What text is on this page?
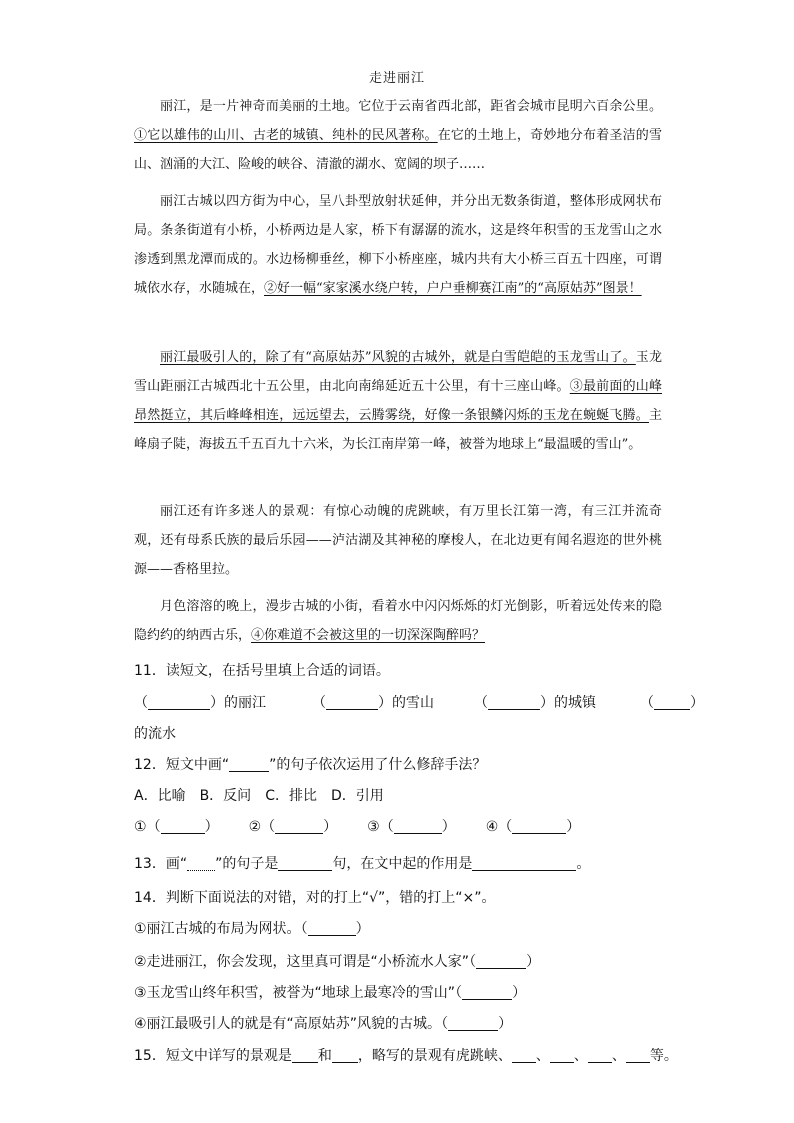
走进丽江

丽江，是一片神奇而美丽的土地。它位于云南省西北部，距省会城市昆明六百余公里。①它以雄伟的山川、古老的城镇、纯朴的民风著称。在它的土地上，奇妙地分布着圣洁的雪山、汹涌的大江、险峻的峡谷、清澈的湖水、宽阔的坝子……

丽江古城以四方街为中心，呈八卦型放射状延伸，并分出无数条街道，整体形成网状布局。条条街道有小桥，小桥两边是人家，桥下有潺潺的流水，这是终年积雪的玉龙雪山之水渗透到黑龙潭而成的。水边杨柳垂丝，柳下小桥座座，城内共有大小桥三百五十四座，可谓城依水存，水随城在，②好一幅“家家溪水绕户转，户户垂柳赛江南”的“高原姑苏”图景！

丽江最吸引人的，除了有“高原姑苏”风貌的古城外，就是白雪皑皑的玉龙雪山了。玉龙雪山距丽江古城西北十五公里，由北向南绵延近五十公里，有十三座山峰。③最前面的山峰昂然挺立，其后峰峰相连，远远望去，云腾雾绕，好像一条银鳞闪烁的玉龙在蜿蜒飞腾。主峰扇子陡，海拔五千五百九十六米，为长江南岸第一峰，被誉为地球上“最温暖的雪山”。

丽江还有许多迷人的景观：有惊心动魄的虎跳峡，有万里长江第一湾，有三江并流奇观，还有母系氏族的最后乐园——泸沽湖及其神秘的摩梭人，在北边更有闻名遐迩的世外桃源——香格里拉。

月色溶溶的晚上，漫步古城的小街，看着水中闪闪烁烁的灯光倒影，听着远处传来的隐隐约约的纳西古乐，④你难道不会被这里的一切深深陶醉吗？

11．读短文，在括号里填上合适的词语。
（	）的丽江	（	）的雪山	（	）的城镇	（	）
的流水
12．短文中画“	”的句子依次运用了什么修辞手法？
A．比喻 B．反问 C．排比 D．引用
①（	） ②（	） ③（	） ④（	）
13．画“ ”的句子是	句，在文中起的作用是	。
14．判断下面说法的对错，对的打上“√”，错的打上“×”。
①丽江古城的布局为网状。（	）
②走进丽江，你会发现，这里真可谓是“小桥流水人家”（	）
③玉龙雪山终年积雪，被誉为“地球上最寒冷的雪山”（	）
④丽江最吸引人的就是有“高原姑苏”风貌的古城。（	）
15．短文中详写的景观是 和 ，略写的景观有虎跳峡、 、 、 、 等。
